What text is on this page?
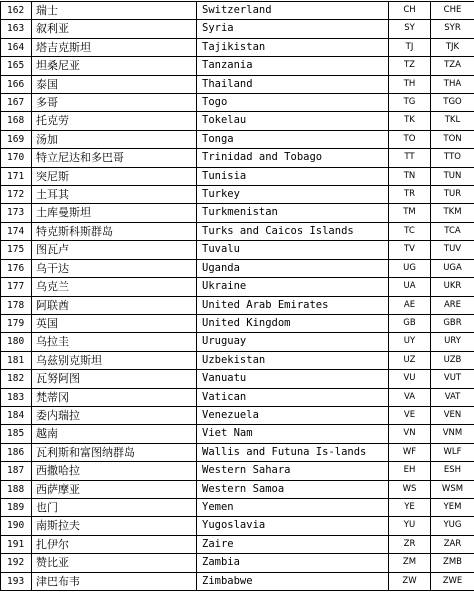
162	瑞士	Switzerland	CH	CHE
163	叙利亚	Syria	SY	SYR
164	塔吉克斯坦	Tajikistan	TJ	TJK
165	坦桑尼亚	Tanzania	TZ	TZA
166	泰国	Thailand	TH	THA
167	多哥	Togo	TG	TGO
168	托克劳	Tokelau	TK	TKL
169	汤加	Tonga	TO	TON
170	特立尼达和多巴哥	Trinidad and Tobago	TT	TTO
171	突尼斯	Tunisia	TN	TUN
172	土耳其	Turkey	TR	TUR
173	土库曼斯坦	Turkmenistan	TM	TKM
174	特克斯科斯群岛	Turks and Caicos Islands	TC	TCA
175	图瓦卢	Tuvalu	TV	TUV
176	乌干达	Uganda	UG	UGA
177	乌克兰	Ukraine	UA	UKR
178	阿联酋	United Arab Emirates	AE	ARE
179	英国	United Kingdom	GB	GBR
180	乌拉圭	Uruguay	UY	URY
181	乌兹别克斯坦	Uzbekistan	UZ	UZB
182	瓦努阿图	Vanuatu	VU	VUT
183	梵蒂冈	Vatican	VA	VAT
184	委内瑞拉	Venezuela	VE	VEN
185	越南	Viet Nam	VN	VNM
186	瓦利斯和富图纳群岛	Wallis and Futuna Is-lands	WF	WLF
187	西撒哈拉	Western Sahara	EH	ESH
188	西萨摩亚	Western Samoa	WS	WSM
189	也门	Yemen	YE	YEM
190	南斯拉夫	Yugoslavia	YU	YUG
191	扎伊尔	Zaire	ZR	ZAR
192	赞比亚	Zambia	ZM	ZMB
193	津巴布韦	Zimbabwe	ZW	ZWE
